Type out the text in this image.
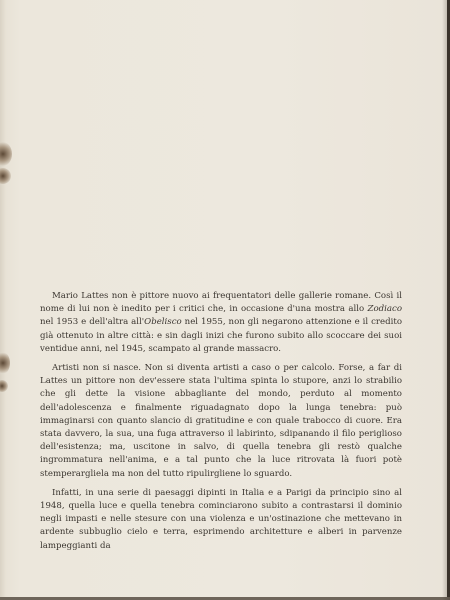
Mario Lattes non è pittore nuovo ai frequentatori delle gallerie romane. Così il nome di lui non è inedito per i critici che, in occasione d'una mostra allo Zodiaco nel 1953 e dell'altra all'Obelisco nel 1955, non gli negarono attenzione e il credito già ottenuto in altre città: e sin dagli inizi che furono subito allo scoccare dei suoi ventidue anni, nel 1945, scampato al grande massacro.

Artisti non si nasce. Non si diventa artisti a caso o per calcolo. Forse, a far di Lattes un pittore non dev'essere stata l'ultima spinta lo stupore, anzi lo strabilio che gli dette la visione abbagliante del mondo, perduto al momento dell'adolescenza e finalmente riguadagnato dopo la lunga tenebra: può immaginarsi con quanto slancio di gratitudine e con quale trabocco di cuore. Era stata davvero, la sua, una fuga attraverso il labirinto, sdipanando il filo periglioso dell'esistenza; ma, uscitone in salvo, di quella tenebra gli restò qualche ingrommatura nell'anima, e a tal punto che la luce ritrovata là fuori potè stemperargliela ma non del tutto ripulirgliene lo sguardo.

Infatti, in una serie di paesaggi dipinti in Italia e a Parigi da principio sino al 1948, quella luce e quella tenebra cominciarono subito a contrastarsi il dominio negli impasti e nelle stesure con una violenza e un'ostinazione che mettevano in ardente subbuglio cielo e terra, esprimendo architetture e alberi in parvenze lampeggianti da
